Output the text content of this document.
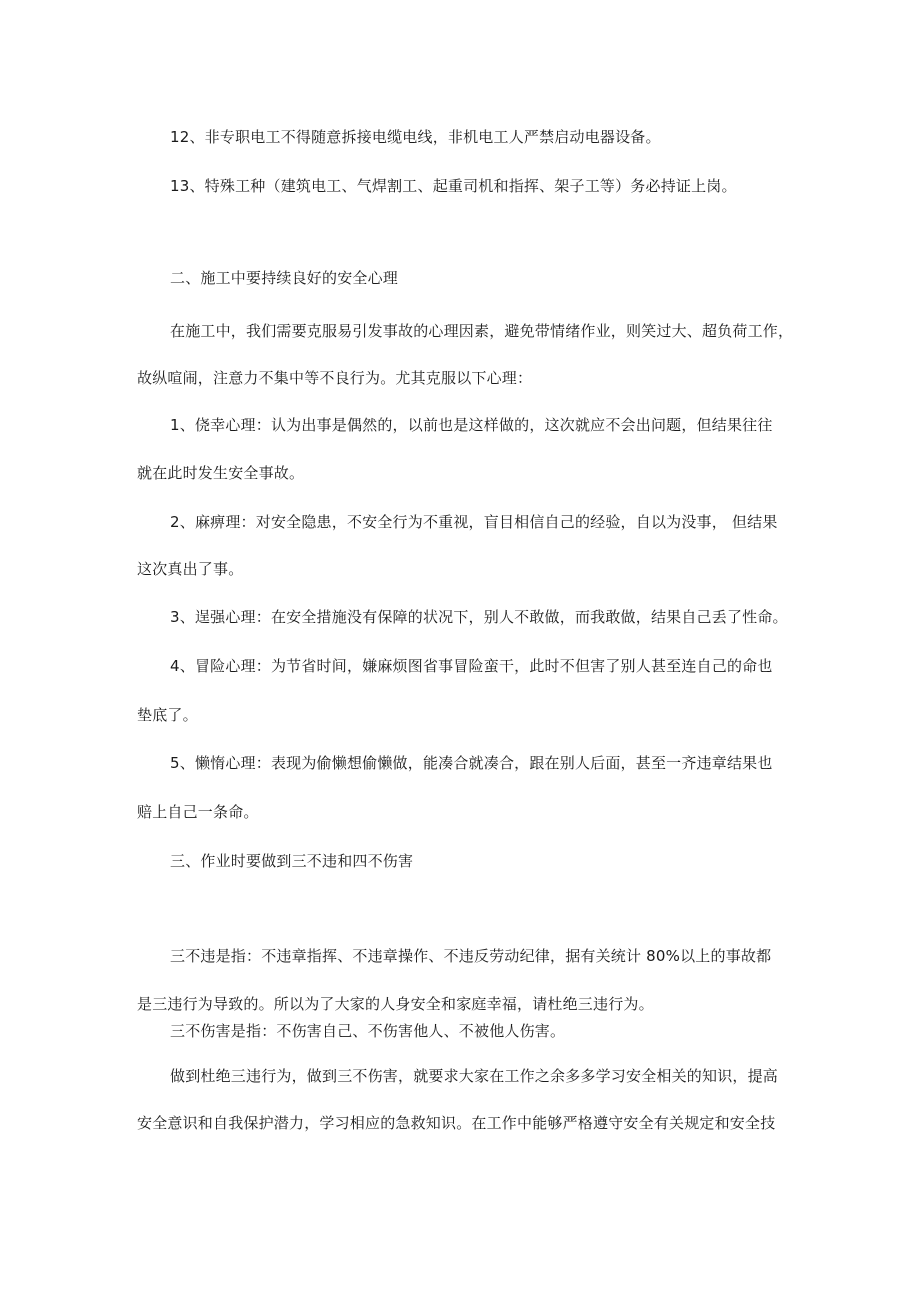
12、非专职电工不得随意拆接电缆电线，非机电工人严禁启动电器设备。
13、特殊工种（建筑电工、气焊割工、起重司机和指挥、架子工等）务必持证上岗。
二、施工中要持续良好的安全心理
在施工中，我们需要克服易引发事故的心理因素，避免带情绪作业，则笑过大、超负荷工作，
故纵喧闹，注意力不集中等不良行为。尤其克服以下心理：
1、侥幸心理：认为出事是偶然的，以前也是这样做的，这次就应不会出问题，但结果往往
就在此时发生安全事故。
2、麻痹理：对安全隐患，不安全行为不重视，盲目相信自己的经验，自以为没事， 但结果
这次真出了事。
3、逞强心理：在安全措施没有保障的状况下，别人不敢做，而我敢做，结果自己丢了性命。
4、冒险心理：为节省时间，嫌麻烦图省事冒险蛮干，此时不但害了别人甚至连自己的命也
垫底了。
5、懒惰心理：表现为偷懒想偷懒做，能凑合就凑合，跟在别人后面，甚至一齐违章结果也
赔上自己一条命。
三、作业时要做到三不违和四不伤害
三不违是指：不违章指挥、不违章操作、不违反劳动纪律，据有关统计 80%以上的事故都
是三违行为导致的。所以为了大家的人身安全和家庭幸福，请杜绝三违行为。
三不伤害是指：不伤害自己、不伤害他人、不被他人伤害。
做到杜绝三违行为，做到三不伤害，就要求大家在工作之余多多学习安全相关的知识，提高
安全意识和自我保护潜力，学习相应的急救知识。在工作中能够严格遵守安全有关规定和安全技
